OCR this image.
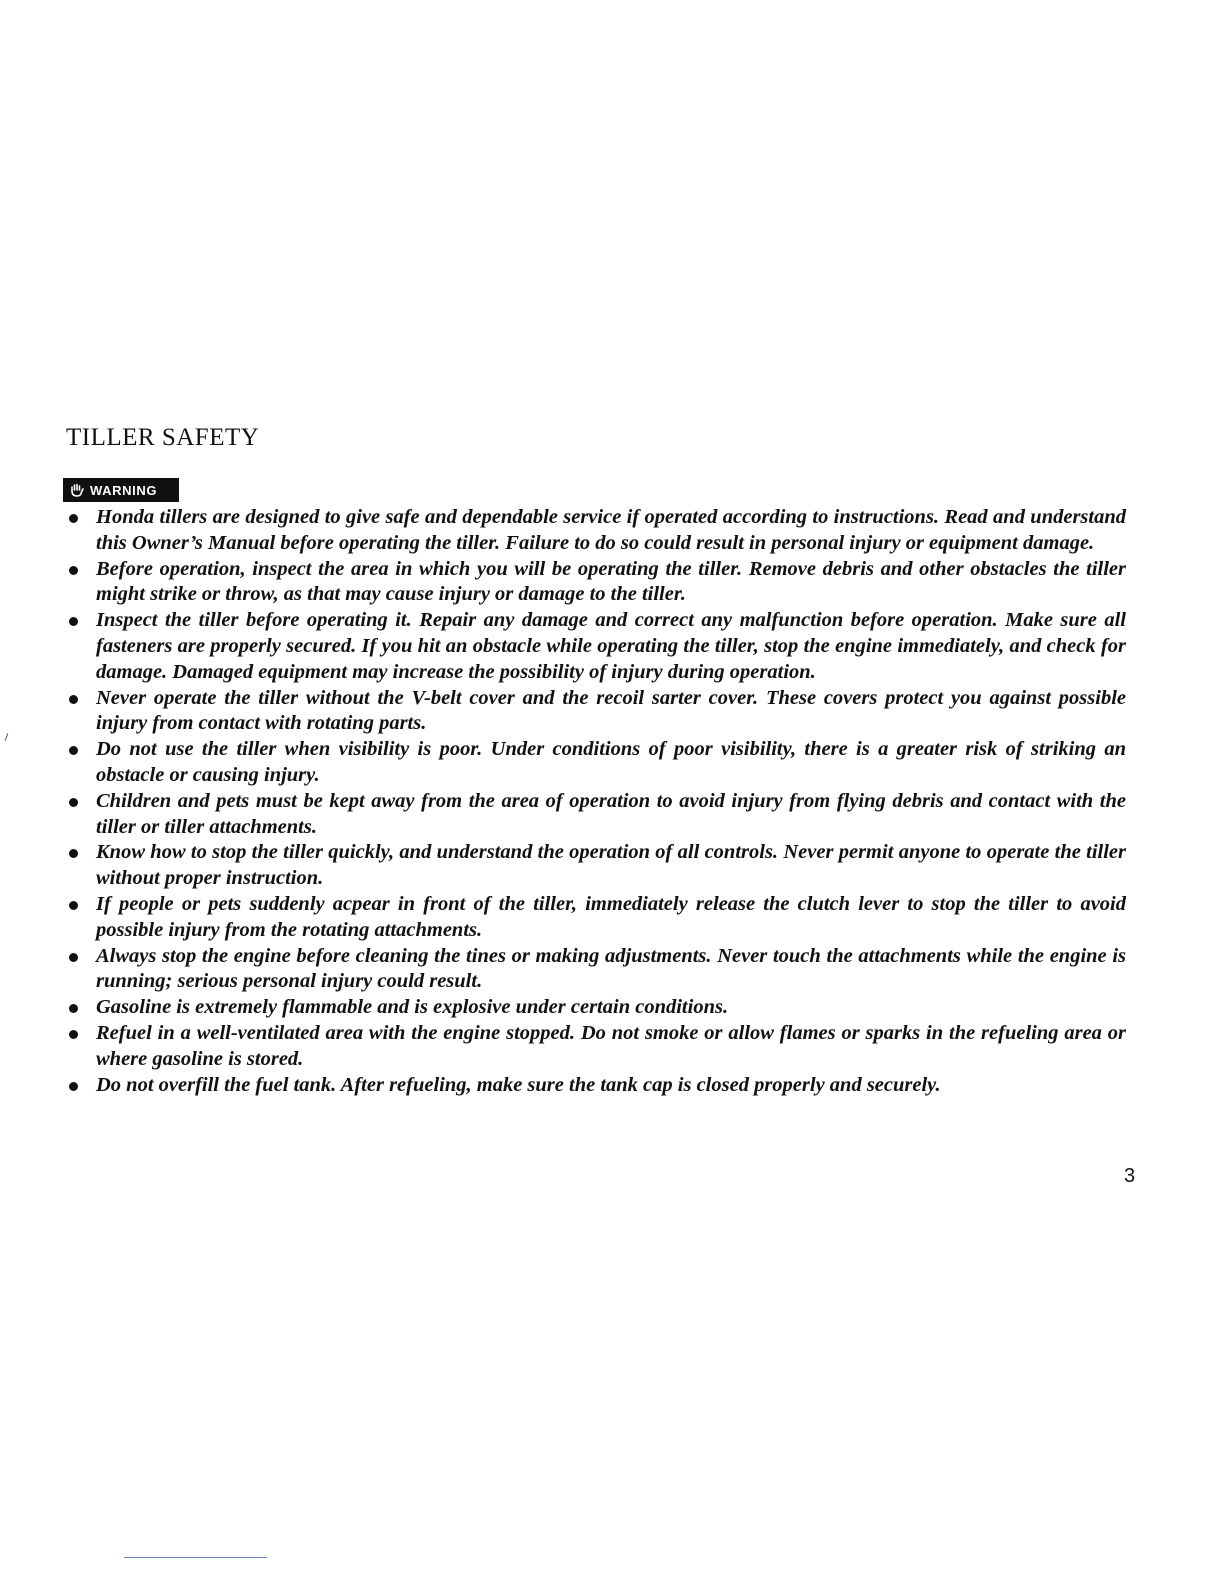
TILLER SAFETY
WARNING
Honda tillers are designed to give safe and dependable service if operated according to instructions. Read and understand this Owner’s Manual before operating the tiller. Failure to do so could result in personal injury or equipment damage.
Before operation, inspect the area in which you will be operating the tiller. Remove debris and other obstacles the tiller might strike or throw, as that may cause injury or damage to the tiller.
Inspect the tiller before operating it. Repair any damage and correct any malfunction before operation. Make sure all fasteners are properly secured. If you hit an obstacle while operating the tiller, stop the engine immediately, and check for damage. Damaged equipment may increase the possibility of injury during operation.
Never operate the tiller without the V-belt cover and the recoil sarter cover. These covers protect you against possible injury from contact with rotating parts.
Do not use the tiller when visibility is poor. Under conditions of poor visibility, there is a greater risk of striking an obstacle or causing injury.
Children and pets must be kept away from the area of operation to avoid injury from flying debris and contact with the tiller or tiller attachments.
Know how to stop the tiller quickly, and understand the operation of all controls. Never permit anyone to operate the tiller without proper instruction.
If people or pets suddenly acpear in front of the tiller, immediately release the clutch lever to stop the tiller to avoid possible injury from the rotating attachments.
Always stop the engine before cleaning the tines or making adjustments. Never touch the attachments while the engine is running; serious personal injury could result.
Gasoline is extremely flammable and is explosive under certain conditions.
Refuel in a well-ventilated area with the engine stopped. Do not smoke or allow flames or sparks in the refueling area or where gasoline is stored.
Do not overfill the fuel tank. After refueling, make sure the tank cap is closed properly and securely.
3
